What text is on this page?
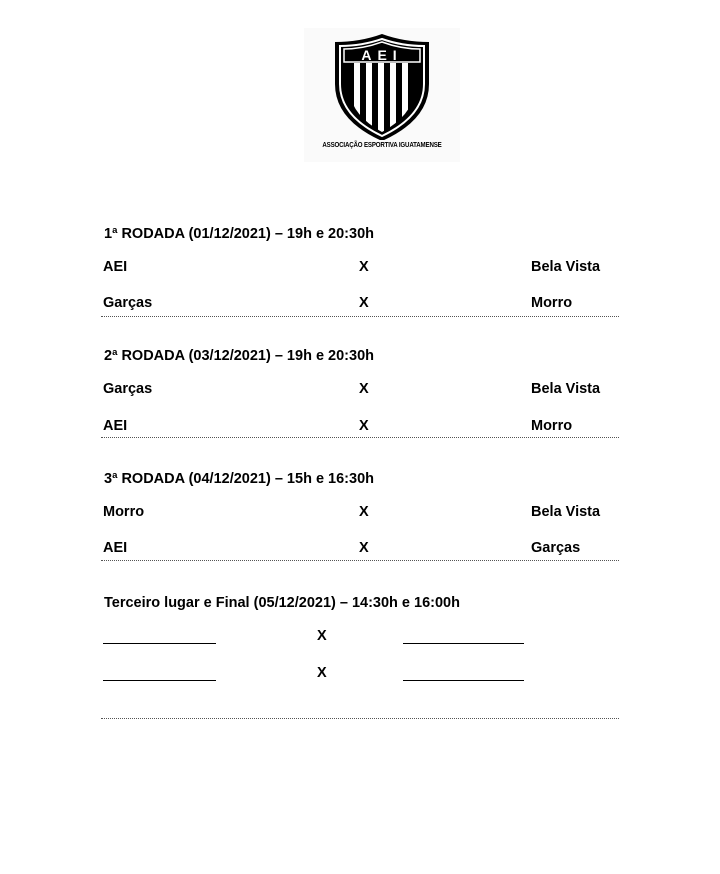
AEI
ASSOCIAÇÃO ESPORTIVA IGUATAMENSE
1ª RODADA (01/12/2021) – 19h e 20:30h
AEI	X	Bela Vista
Garças	X	Morro
2ª RODADA (03/12/2021) – 19h e 20:30h
Garças	X	Bela Vista
AEI	X	Morro
3ª RODADA (04/12/2021) – 15h e 16:30h
Morro	X	Bela Vista
AEI	X	Garças
Terceiro lugar e Final (05/12/2021) – 14:30h e 16:00h
X
X
